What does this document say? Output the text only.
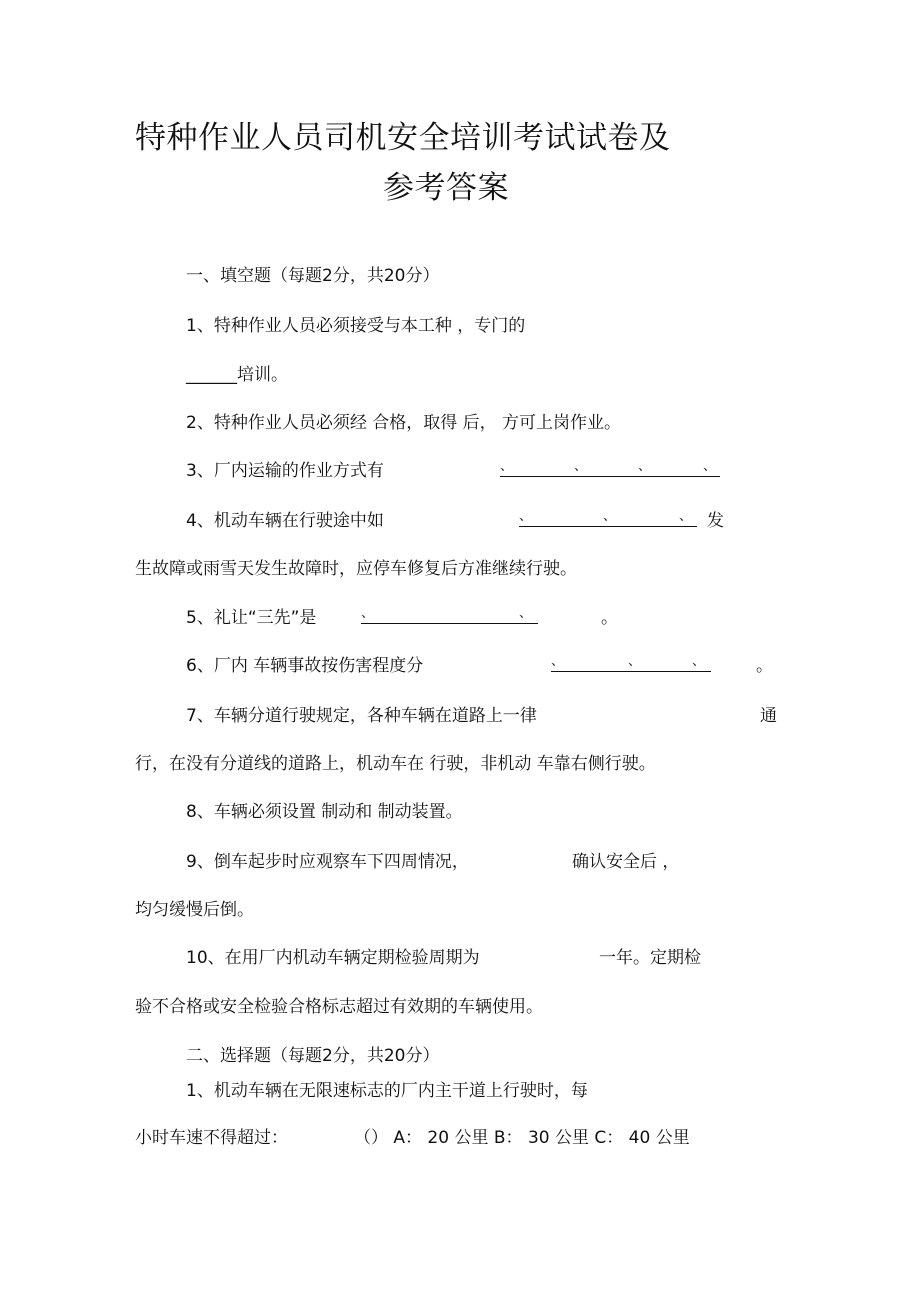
特种作业人员司机安全培训考试试卷及
参考答案
一、填空题（每题2分，共20分）
1、特种作业人员必须接受与本工种 ，专门的
______培训。
2、特种作业人员必须经 合格，取得 后， 方可上岗作业。
3、厂内运输的作业方式有	、	、	、	、
4、机动车辆在行驶途中如	、	、	、 发
生故障或雨雪天发生故障时，应停车修复后方准继续行驶。
5、礼让“三先”是	、	、	。
6、厂内 车辆事故按伤害程度分	、	、	、	。
7、车辆分道行驶规定，各种车辆在道路上一律	通
行，在没有分道线的道路上，机动车在 行驶，非机动 车靠右侧行驶。
8、车辆必须设置 制动和 制动装置。
9、倒车起步时应观察车下四周情况，	确认安全后 ，
均匀缓慢后倒。
10、在用厂内机动车辆定期检验周期为	一年。定期检
验不合格或安全检验合格标志超过有效期的车辆使用。
二、选择题（每题2分，共20分）
1、机动车辆在无限速标志的厂内主干道上行驶时，每
小时车速不得超过：	（） A： 20 公里 B： 30 公里 C： 40 公里
